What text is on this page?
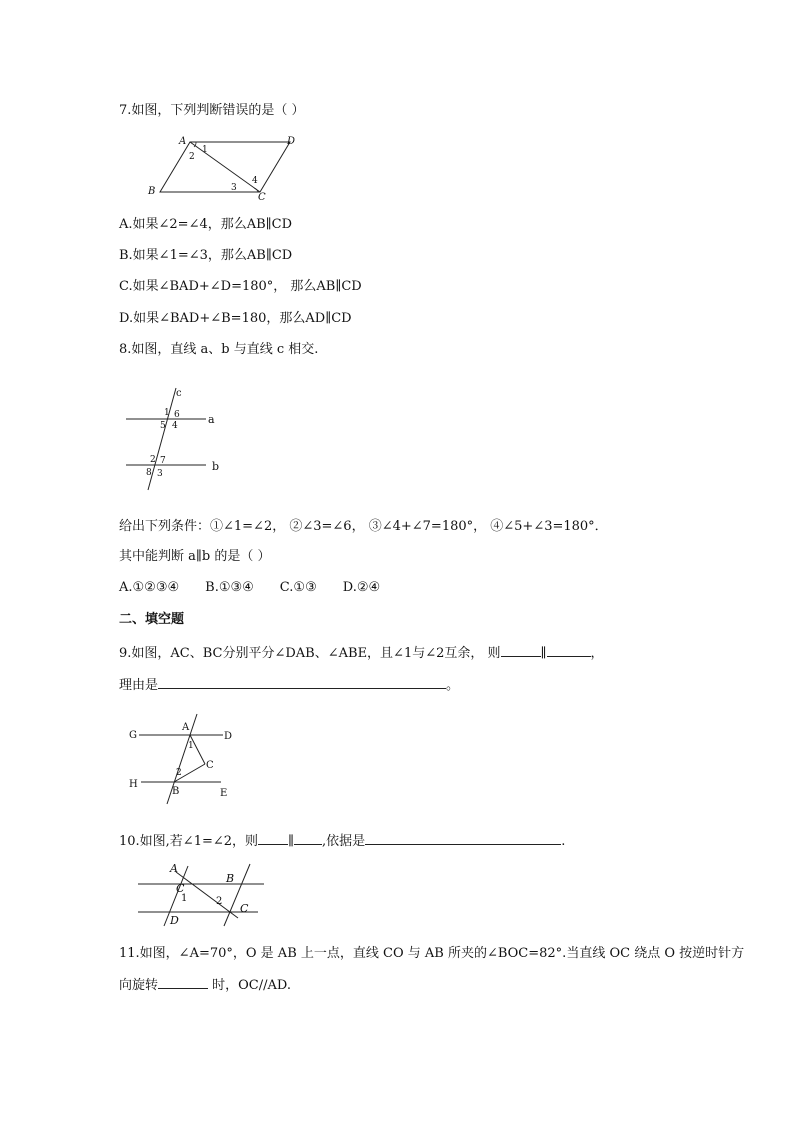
7.如图，下列判断错误的是（ ）
A	D
B
C
1
2
3
4
A.如果∠2=∠4，那么AB∥CD
B.如果∠1=∠3，那么AB∥CD
C.如果∠BAD+∠D=180°， 那么AB∥CD
D.如果∠BAD+∠B=180，那么AD∥CD
8.如图，直线 a、b 与直线 c 相交.
c
a
b
1 6
5 4
2 7
8 3
给出下列条件：①∠1=∠2， ②∠3=∠6， ③∠4+∠7=180°， ④∠5+∠3=180°．
其中能判断 a∥b 的是（ ）
A.①②③④ B.①③④ C.①③ D.②④
二、填空题
9.如图，AC、BC分别平分∠DAB、∠ABE，且∠1与∠2互余， 则	∥	，
理由是	。
G
A
D
C
H
B	E
1
2
10.如图,若∠1=∠2，则 ∥ ,依据是	.
A
B
C
C
D
1	2
11.如图，∠A=70°，O 是 AB 上一点，直线 CO 与 AB 所夹的∠BOC=82°.当直线 OC 绕点 O 按逆时针方
向旋转	时，OC//AD.
